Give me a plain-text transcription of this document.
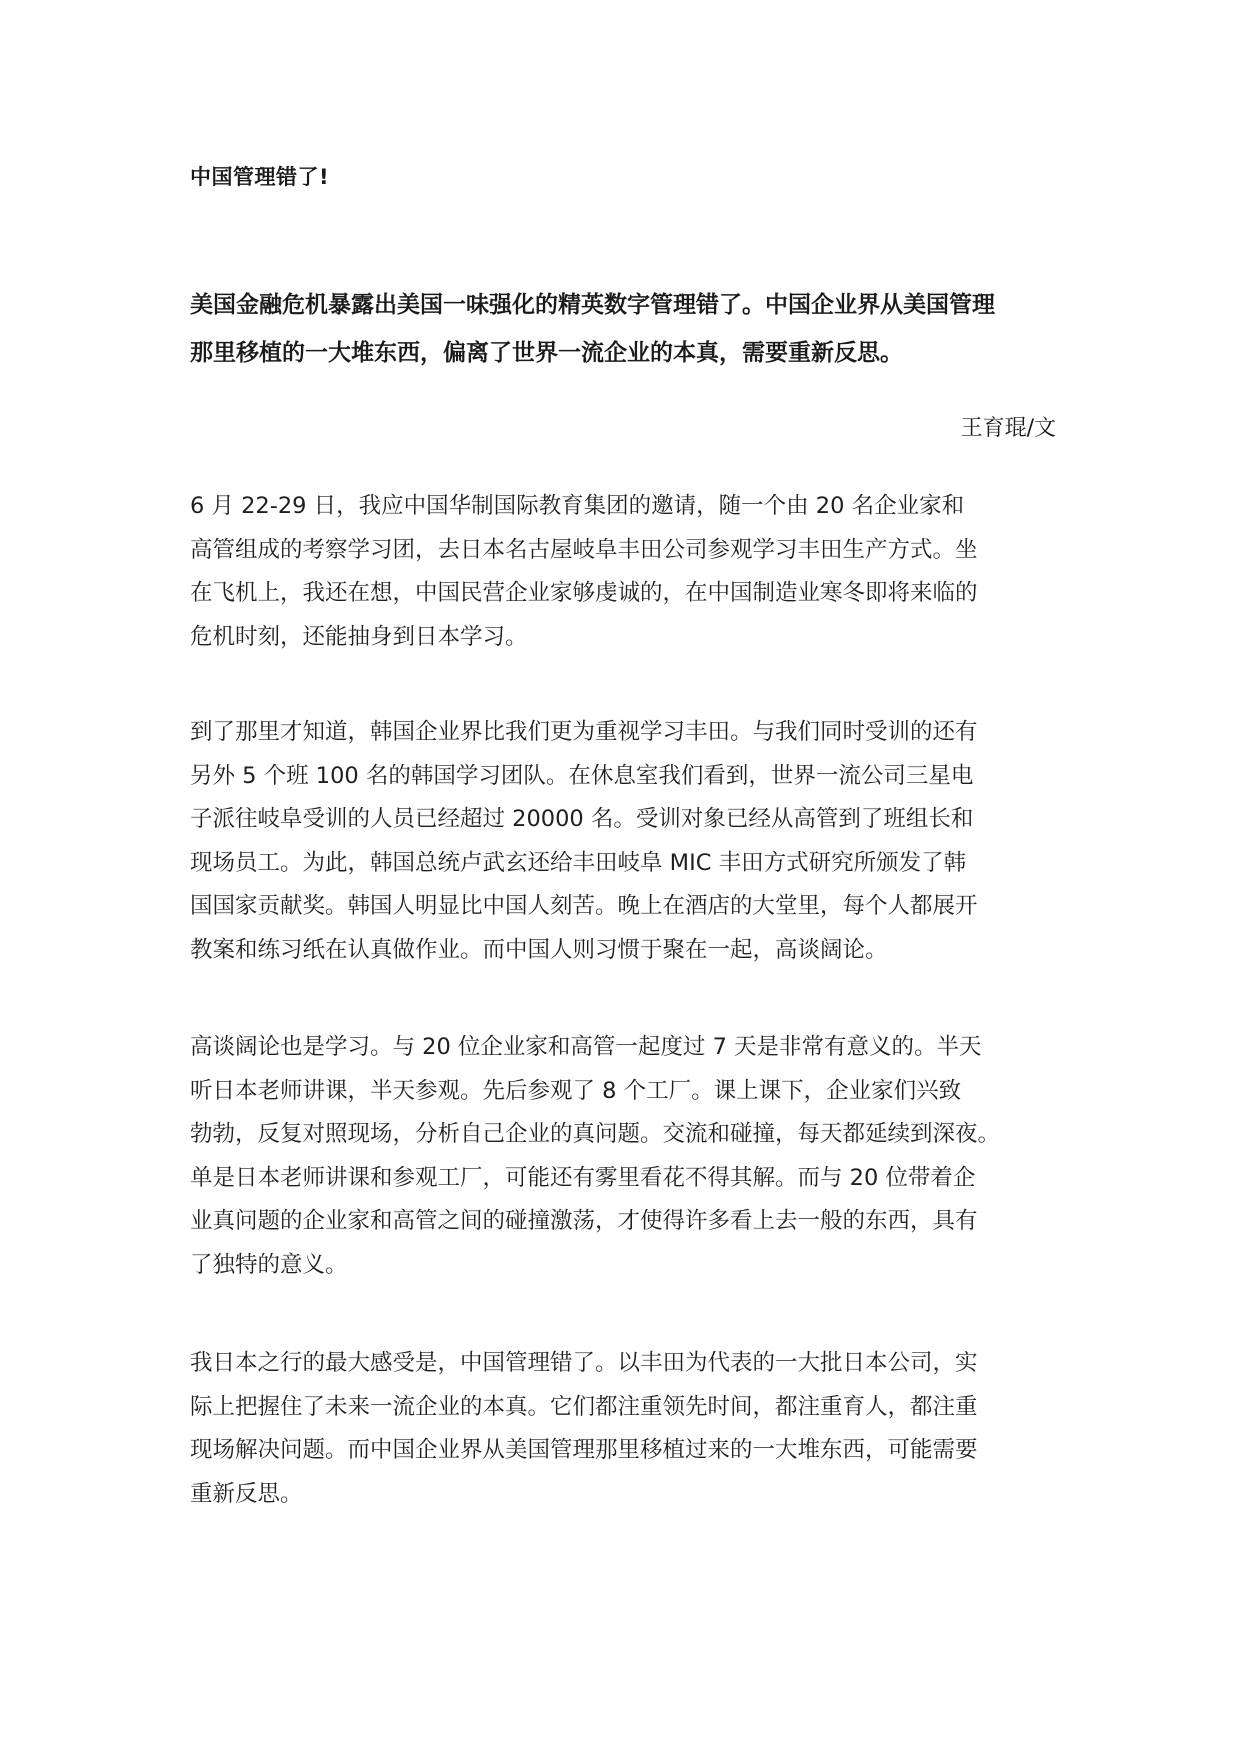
中国管理错了!
美国金融危机暴露出美国一味强化的精英数字管理错了。中国企业界从美国管理
那里移植的一大堆东西，偏离了世界一流企业的本真，需要重新反思。
王育琨/文
6 月 22-29 日，我应中国华制国际教育集团的邀请，随一个由 20 名企业家和
高管组成的考察学习团，去日本名古屋岐阜丰田公司参观学习丰田生产方式。坐
在飞机上，我还在想，中国民营企业家够虔诚的，在中国制造业寒冬即将来临的
危机时刻，还能抽身到日本学习。
到了那里才知道，韩国企业界比我们更为重视学习丰田。与我们同时受训的还有
另外 5 个班 100 名的韩国学习团队。在休息室我们看到，世界一流公司三星电
子派往岐阜受训的人员已经超过 20000 名。受训对象已经从高管到了班组长和
现场员工。为此，韩国总统卢武玄还给丰田岐阜 MIC 丰田方式研究所颁发了韩
国国家贡献奖。韩国人明显比中国人刻苦。晚上在酒店的大堂里，每个人都展开
教案和练习纸在认真做作业。而中国人则习惯于聚在一起，高谈阔论。
高谈阔论也是学习。与 20 位企业家和高管一起度过 7 天是非常有意义的。半天
听日本老师讲课，半天参观。先后参观了 8 个工厂。课上课下，企业家们兴致
勃勃，反复对照现场，分析自己企业的真问题。交流和碰撞，每天都延续到深夜。
单是日本老师讲课和参观工厂，可能还有雾里看花不得其解。而与 20 位带着企
业真问题的企业家和高管之间的碰撞激荡，才使得许多看上去一般的东西，具有
了独特的意义。
我日本之行的最大感受是，中国管理错了。以丰田为代表的一大批日本公司，实
际上把握住了未来一流企业的本真。它们都注重领先时间，都注重育人，都注重
现场解决问题。而中国企业界从美国管理那里移植过来的一大堆东西，可能需要
重新反思。
